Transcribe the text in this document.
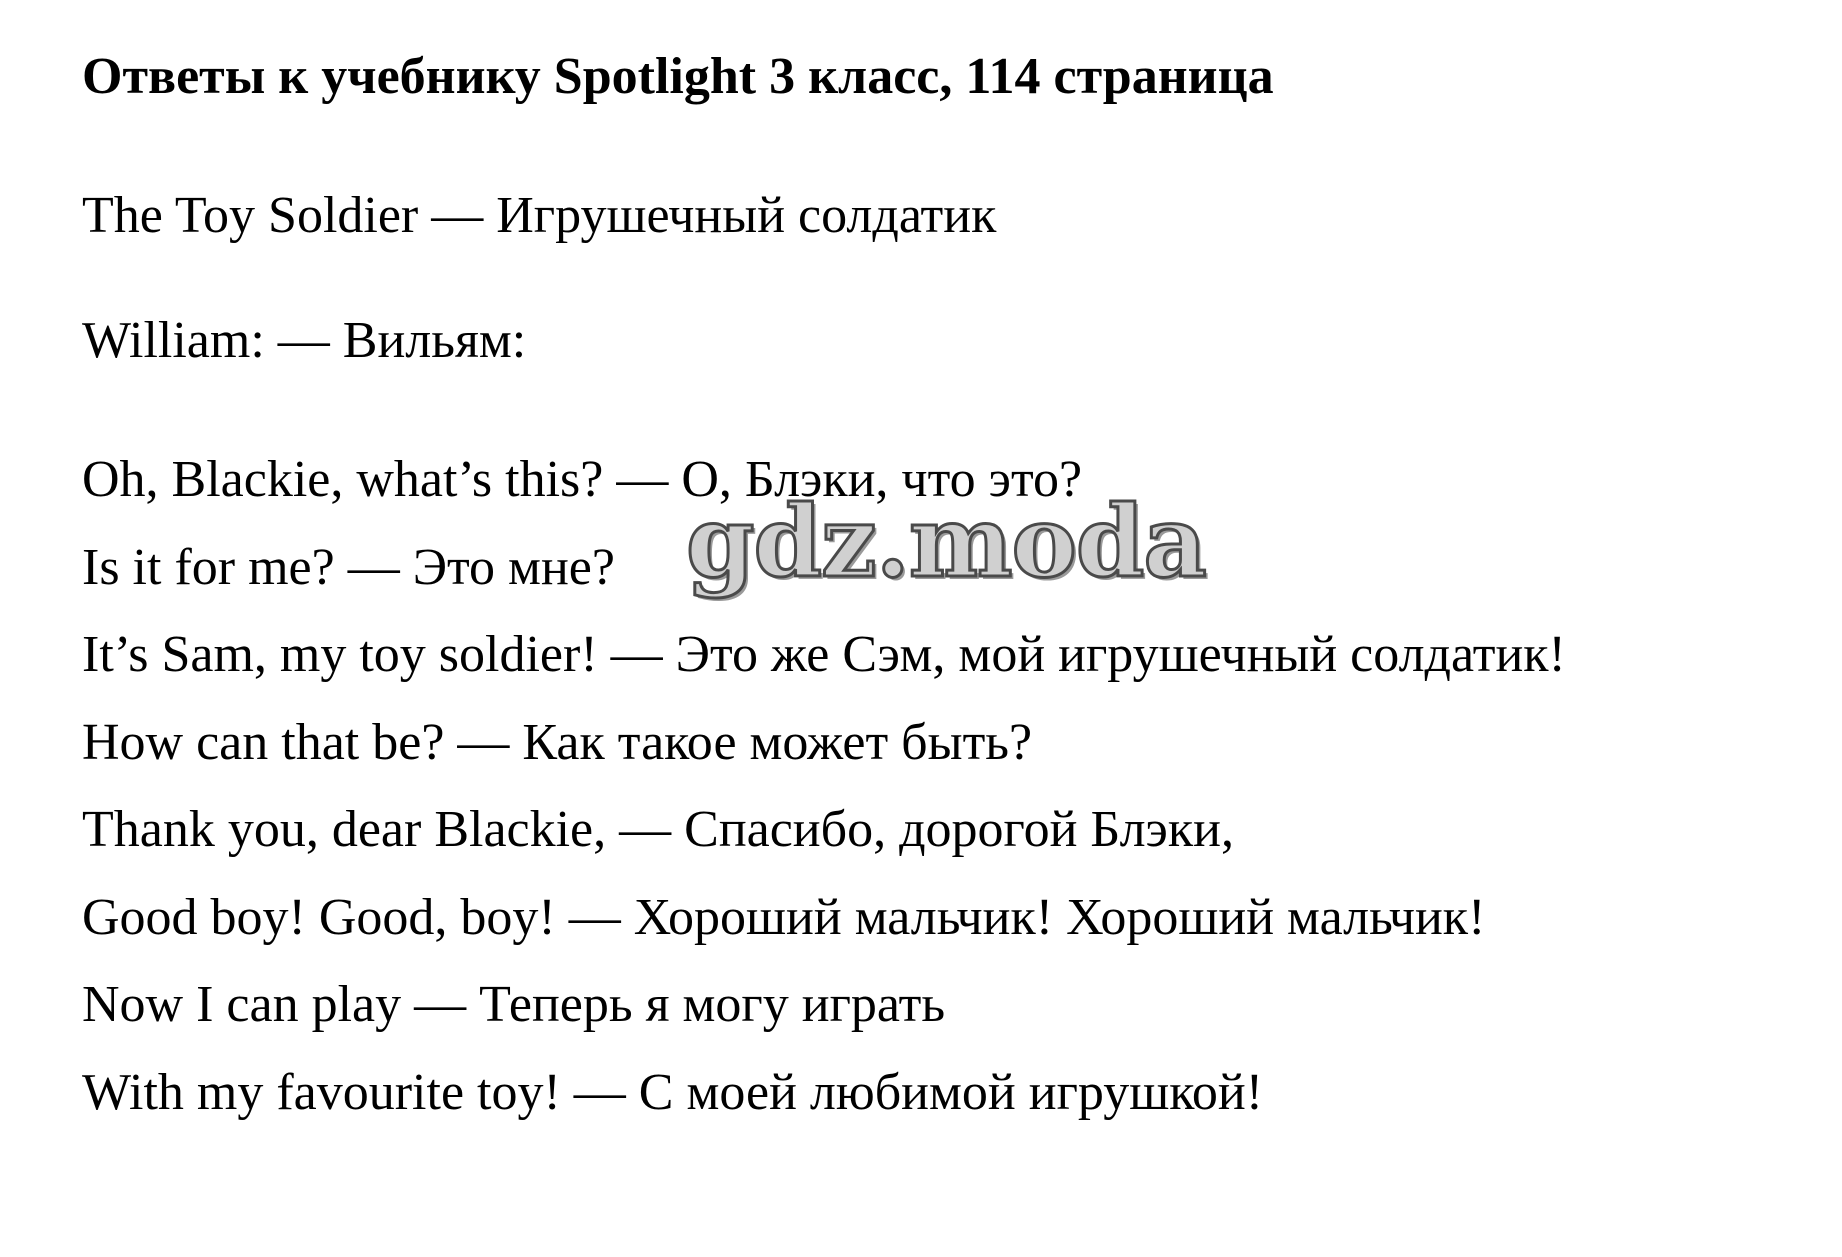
Ответы к учебнику Spotlight 3 класс, 114 страница
The Toy Soldier — Игрушечный солдатик
William: — Вильям:
Oh, Blackie, what’s this? — О, Блэки, что это?
Is it for me? — Это мне?
It’s Sam, my toy soldier! — Это же Сэм, мой игрушечный солдатик!
How can that be? — Как такое может быть?
Thank you, dear Blackie, — Спасибо, дорогой Блэки,
Good boy! Good, boy! — Хороший мальчик! Хороший мальчик!
Now I can play — Теперь я могу играть
With my favourite toy! — С моей любимой игрушкой!
gdz.moda
